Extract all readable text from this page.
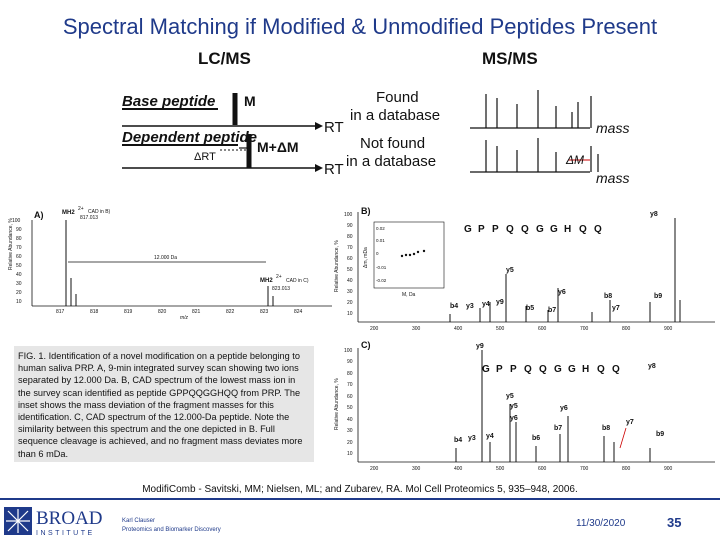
Spectral Matching if Modified & Unmodified Peptides Present
LC/MS	MS/MS
Base peptide M
RT
Found
in a database
mass
Dependent peptide
M+ΔM
ΔRT
RT
Not found
in a database	ΔM
mass
A)
Relative Abundance, %
100
90
80
70
60
50
40
30
20
10
MH2
2+ CAD in B)
817.013
12.000 Da
MH2
2+
CAD in C)
823.013
817	818	819	820	821	822	823	824
m/z
B)
Relative Abundance, %
100
90
80
70
60
50
40
30
20
10
Δm, mDa
0.02
0.01
0
-0.01
-0.02
M, Da
G P P Q Q G G H Q Q
y8
y5
b4 y3 y4 y9
b5 b7
b8
y6
y7
b9
200	300	400	500	600	700	800	900
C)
Relative Abundance, %
100
90
80
70
60
50
40
30
20
10
G P P Q Q G G H Q Q
y9
y8
y5
y6
b4 y3 y4	b6
b7
y7
b8
b9
y6
y5
200	300	400	500	600	700	800	900
FIG. 1. Identification of a novel modification on a peptide belonging to human saliva PRP. A, 9-min integrated survey scan showing two ions separated by 12.000 Da. B, CAD spectrum of the lowest mass ion in the survey scan identified as peptide GPPQQGGHQQ from PRP. The inset shows the mass deviation of the fragment masses for this identification. C, CAD spectrum of the 12.000-Da peptide. Note the similarity between this spectrum and the one depicted in B. Full sequence cleavage is achieved, and no fragment mass deviates more than 6 mDa.
ModifiComb - Savitski, MM; Nielsen, ML; and Zubarev, RA. Mol Cell Proteomics 5, 935–948, 2006.
BROAD
INSTITUTE
Karl Clauser
Proteomics and Biomarker Discovery
11/30/2020	35
